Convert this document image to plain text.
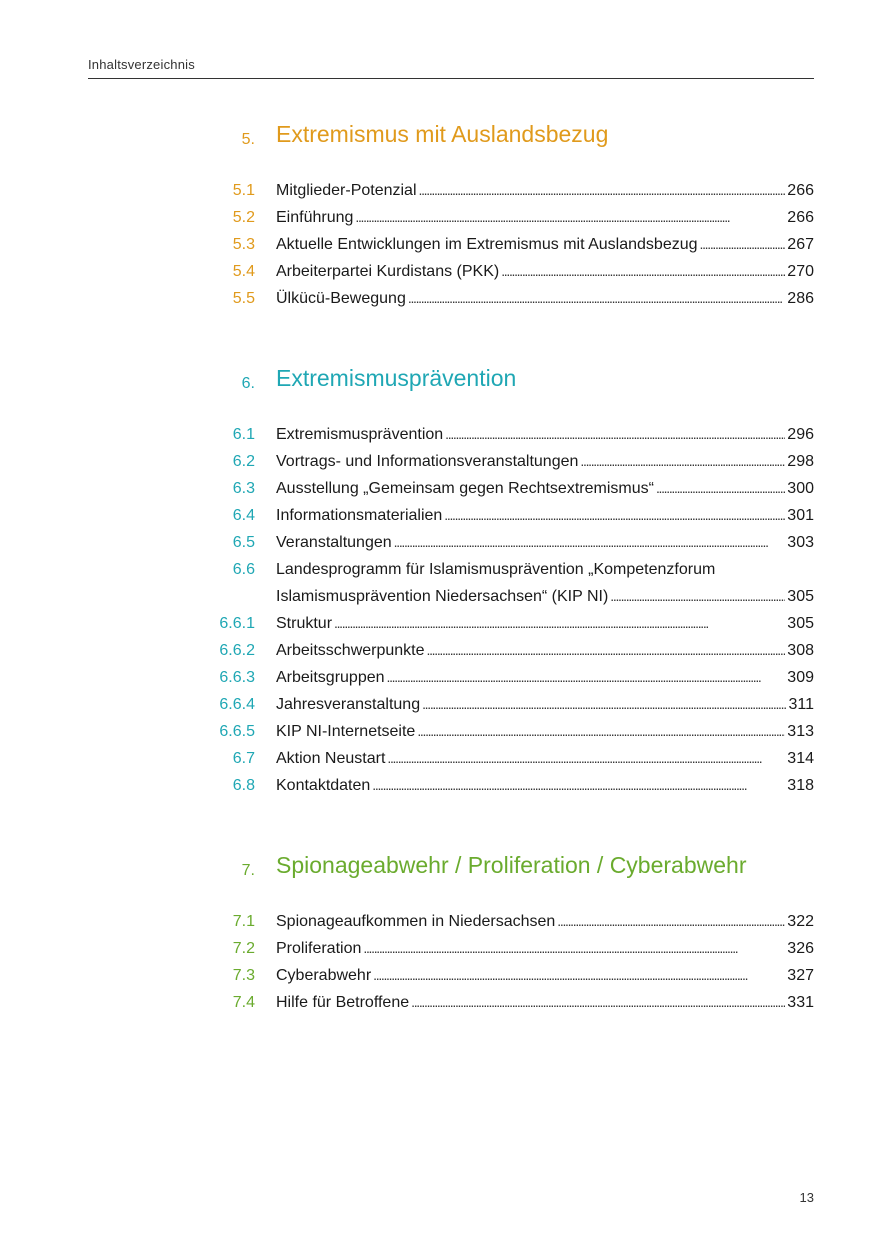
Inhaltsverzeichnis
5. Extremismus mit Auslandsbezug
5.1 Mitglieder-Potenzial . . .	266
5.2 Einführung . . .	266
5.3 Aktuelle Entwicklungen im Extremismus mit Auslandsbezug . . .	267
5.4 Arbeiterpartei Kurdistans (PKK) . . .	270
5.5 Ülkücü-Bewegung . . .	286
6. Extremismusprävention
6.1 Extremismusprävention . . .	296
6.2 Vortrags- und Informationsveranstaltungen . . .	298
6.3 Ausstellung „Gemeinsam gegen Rechtsextremismus“ . . .	300
6.4 Informationsmaterialien . . .	301
6.5 Veranstaltungen . . .	303
6.6 Landesprogramm für Islamismusprävention „Kompetenzforum
Islamismusprävention Niedersachsen“ (KIP NI) . . .	305
6.6.1 Struktur . . .	305
6.6.2 Arbeitsschwerpunkte . . .	308
6.6.3 Arbeitsgruppen . . .	309
6.6.4 Jahresveranstaltung . . .	311
6.6.5 KIP NI-Internetseite . . .	313
6.7 Aktion Neustart . . .	314
6.8 Kontaktdaten . . .	318
7. Spionageabwehr / Proliferation / Cyberabwehr
7.1 Spionageaufkommen in Niedersachsen . . .	322
7.2 Proliferation . . .	326
7.3 Cyberabwehr . . .	327
7.4 Hilfe für Betroffene . . .	331
13
